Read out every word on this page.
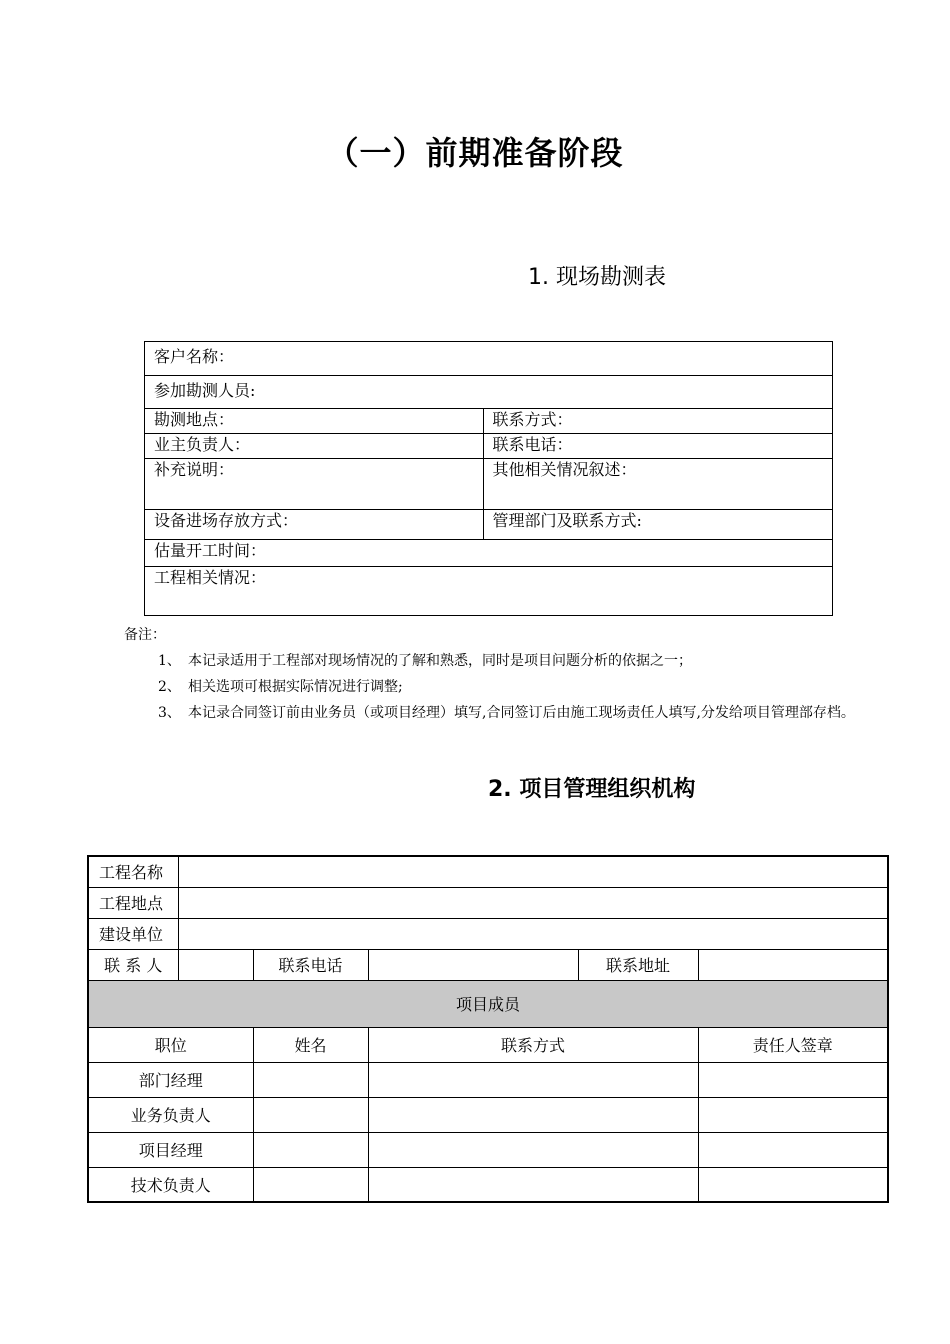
（一）前期准备阶段
1. 现场勘测表
客户名称：	
参加勘测人员:	
勘测地点：	联系方式：
业主负责人：	联系电话：
补充说明：	其他相关情况叙述：
设备进场存放方式：	管理部门及联系方式:
估量开工时间：	
工程相关情况：	

备注：

1、 本记录适用于工程部对现场情况的了解和熟悉，同时是项目问题分析的依据之一；
2、 相关选项可根据实际情况进行调整;
3、 本记录合同签订前由业务员（或项目经理）填写,合同签订后由施工现场责任人填写,分发给项目管理部存档。
2. 项目管理组织机构
工程名称					
工程地点					
建设单位					
联 系 人		联系电话		联系地址	
项目成员					
职位		姓名	联系方式		责任人签章
部门经理					
业务负责人					
项目经理					
技术负责人					
